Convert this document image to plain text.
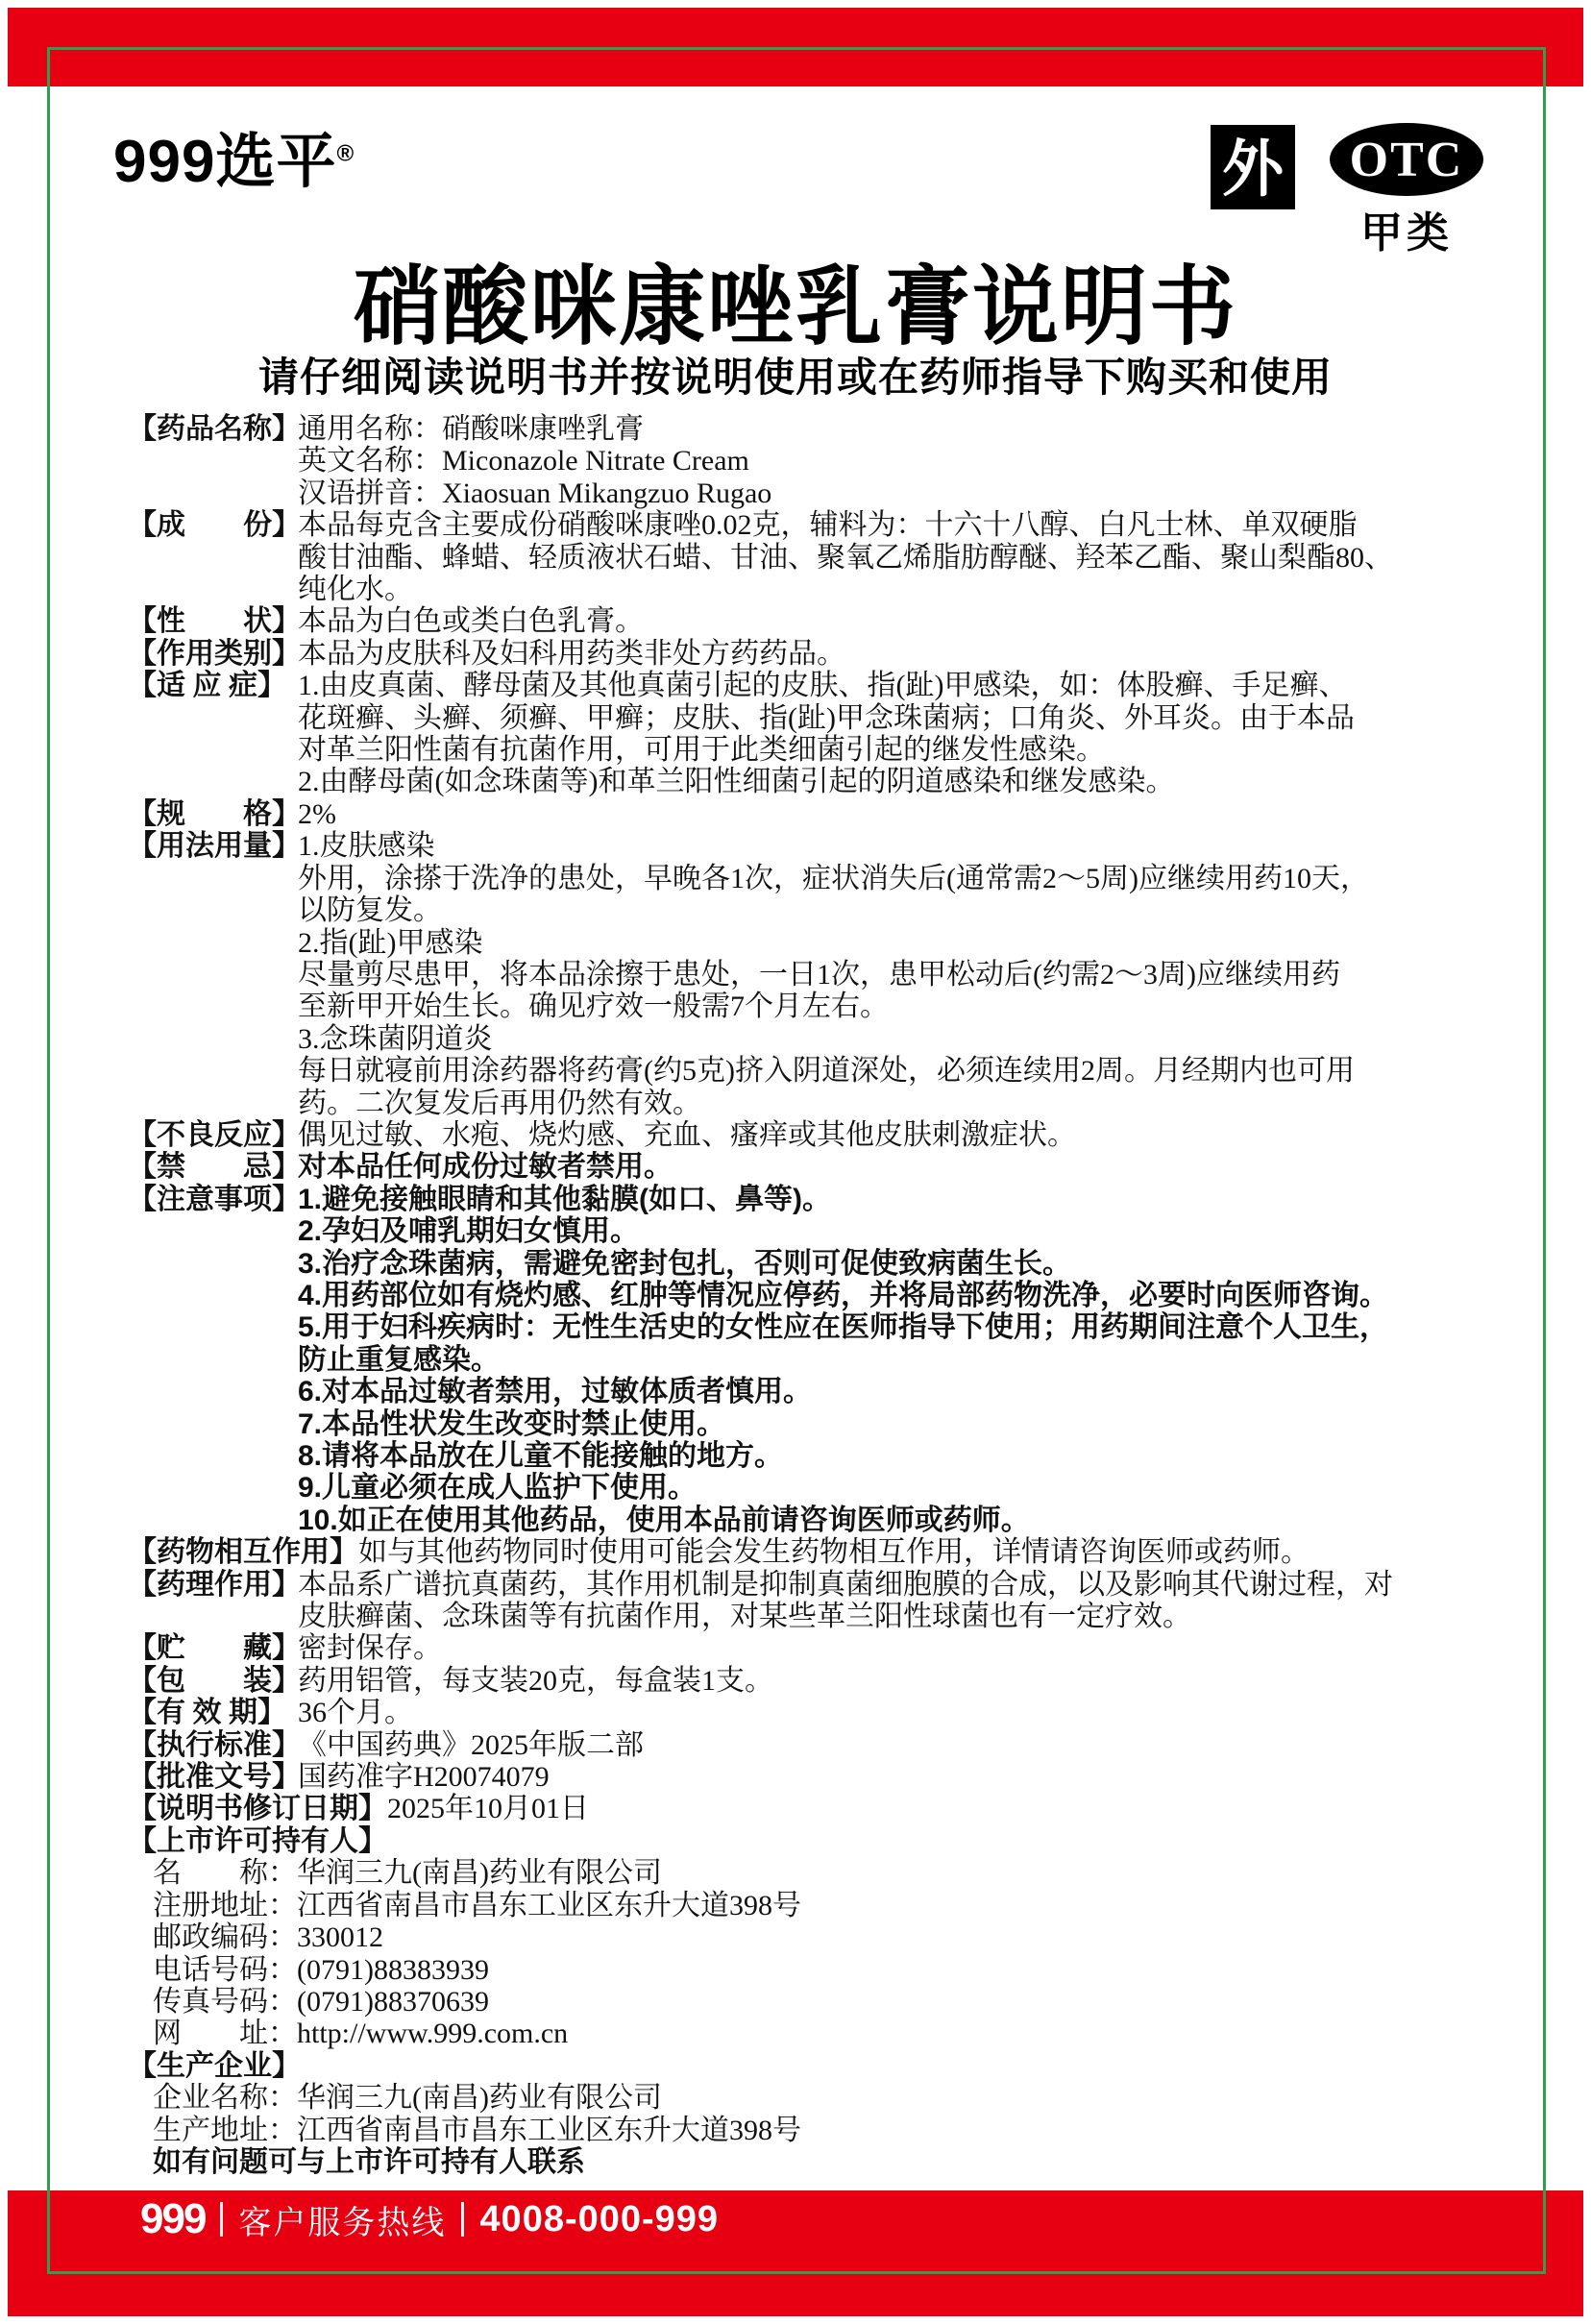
999选平®	外	OTC
甲类
硝酸咪康唑乳膏说明书
请仔细阅读说明书并按说明使用或在药师指导下购买和使用
【药品名称】
通用名称：硝酸咪康唑乳膏
英文名称：Miconazole Nitrate Cream
汉语拼音：Xiaosuan Mikangzuo Rugao
【成　　份】
本品每克含主要成份硝酸咪康唑0.02克，辅料为：十六十八醇、白凡士林、单双硬脂
酸甘油酯、蜂蜡、轻质液状石蜡、甘油、聚氧乙烯脂肪醇醚、羟苯乙酯、聚山梨酯80、
纯化水。
【性　　状】
本品为白色或类白色乳膏。
【作用类别】
本品为皮肤科及妇科用药类非处方药药品。
【适 应 症】 1.由皮真菌、酵母菌及其他真菌引起的皮肤、指(趾)甲感染，如：体股癣、手足癣、
花斑癣、头癣、须癣、甲癣；皮肤、指(趾)甲念珠菌病；口角炎、外耳炎。由于本品
对革兰阳性菌有抗菌作用，可用于此类细菌引起的继发性感染。
2.由酵母菌(如念珠菌等)和革兰阳性细菌引起的阴道感染和继发感染。
【规　　格】
2%
【用法用量】
1.皮肤感染
外用，涂搽于洗净的患处，早晚各1次，症状消失后(通常需2～5周)应继续用药10天，
以防复发。
2.指(趾)甲感染
尽量剪尽患甲，将本品涂擦于患处，一日1次，患甲松动后(约需2～3周)应继续用药
至新甲开始生长。确见疗效一般需7个月左右。
3.念珠菌阴道炎
每日就寝前用涂药器将药膏(约5克)挤入阴道深处，必须连续用2周。月经期内也可用
药。二次复发后再用仍然有效。
【不良反应】
偶见过敏、水疱、烧灼感、充血、瘙痒或其他皮肤刺激症状。
【禁　　忌】
对本品任何成份过敏者禁用。
【注意事项】
1.避免接触眼睛和其他黏膜(如口、鼻等)。
2.孕妇及哺乳期妇女慎用。
3.治疗念珠菌病，需避免密封包扎，否则可促使致病菌生长。
4.用药部位如有烧灼感、红肿等情况应停药，并将局部药物洗净，必要时向医师咨询。
5.用于妇科疾病时：无性生活史的女性应在医师指导下使用；用药期间注意个人卫生，
防止重复感染。
6.对本品过敏者禁用，过敏体质者慎用。
7.本品性状发生改变时禁止使用。
8.请将本品放在儿童不能接触的地方。
9.儿童必须在成人监护下使用。
10.如正在使用其他药品，使用本品前请咨询医师或药师。
【药物相互作用】 如与其他药物同时使用可能会发生药物相互作用，详情请咨询医师或药师。
【药理作用】
本品系广谱抗真菌药，其作用机制是抑制真菌细胞膜的合成，以及影响其代谢过程，对
皮肤癣菌、念珠菌等有抗菌作用，对某些革兰阳性球菌也有一定疗效。
【贮　　藏】
密封保存。
【包　　装】
药用铝管，每支装20克，每盒装1支。
【有 效 期】 36个月。
【执行标准】
《中国药典》2025年版二部
【批准文号】
国药准字H20074079
【说明书修订日期】 2025年10月01日
【上市许可持有人】
名　　称：华润三九(南昌)药业有限公司
注册地址：江西省南昌市昌东工业区东升大道398号
邮政编码：330012
电话号码：(0791)88383939
传真号码：(0791)88370639
网　　址：http://www.999.com.cn
【生产企业】
企业名称：华润三九(南昌)药业有限公司
生产地址：江西省南昌市昌东工业区东升大道398号
如有问题可与上市许可持有人联系
999 客户服务热线 4008-000-999
